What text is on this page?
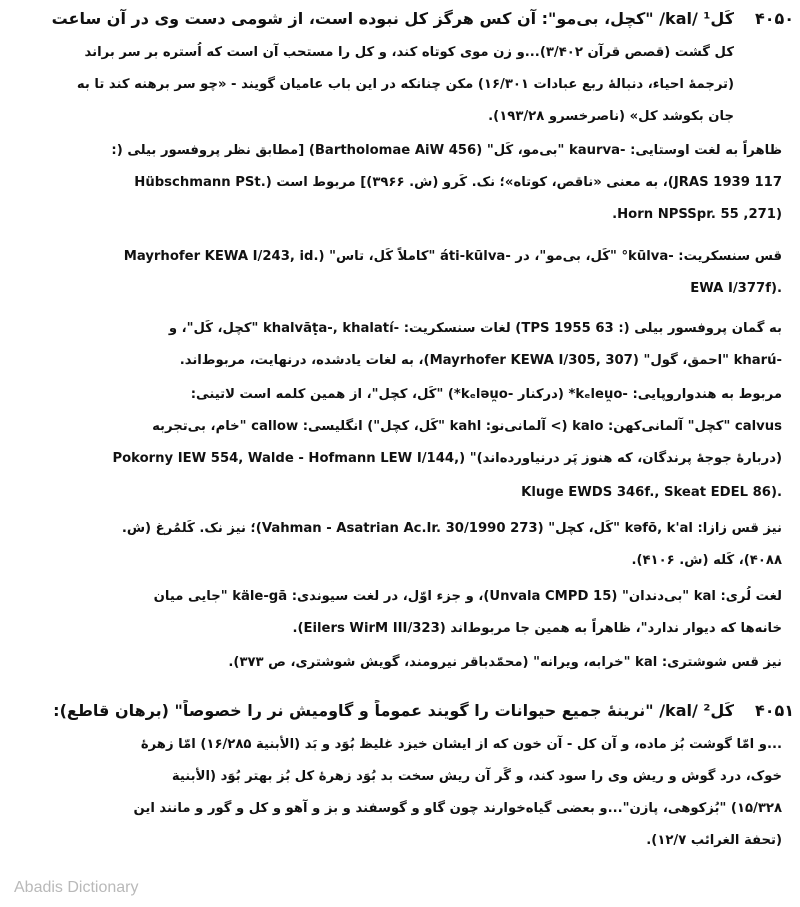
۴۰۵۰
کَل¹ /kal/ "کچل، بی‌مو": آن کس هرگز کل نبوده است، از شومی دست وی در آن ساعت
کل گشت (قصص قرآن ۳/۴۰۲)...و زن موی کوتاه کند، و کل را مستحب آن است که اُستره بر سر براند
(ترجمهٔ احیاء، دنبالهٔ ربع عبادات ۱۶/۳۰۱) مکن چنانکه در این باب عامیان گویند - «چو سر برهنه کند تا به
جان بکوشد کل» (ناصرخسرو ۱۹۳/۲۸).
ظاهراً به لغت اوستایی: -kaurva "بی‌مو، کَل" (Bartholomae AiW 456) [مطابق نظر پروفسور بیلی (:
JRAS 1939 117)، به معنی «ناقص، کوتاه»؛ نک. کَرو (ش. ۳۹۶۶)] مربوط است (.Hübschmann PSt
(271, Horn NPSSpr. 55.
قس سنسکریت: -kūlva° "کَل، بی‌مو"، در -áti-kūlva "کاملاً کَل، تاس" (.Mayrhofer KEWA I/243, id
.(EWA I/377f
به گمان پروفسور بیلی (: TPS 1955 63) لغات سنسکریت: -khalvāṭa-, khalatí "کچل، کَل"، و
-kharú "احمق، گول" (Mayrhofer KEWA I/305, 307)، به لغات یادشده، درنهایت، مربوط‌اند.
مربوط به هندواروپایی: -kₑleu̯o* (درکنار -kₑlǝu̯o*) "کَل، کچل"، از همین کلمه است لاتینی:
calvus "کچل" آلمانی‌کهن: kalo (> آلمانی‌نو: kahl "کَل، کچل") انگلیسی: callow "خام، بی‌تجربه
(دربارهٔ جوجهٔ پرندگان، که هنوز پَر درنیاورده‌اند)" (,Pokorny IEW 554, Walde - Hofmann LEW I/144
.(Kluge EWDS 346f., Skeat EDEL 86
نیز قس زازا: kəfō, k'al "کَل، کچل" (Vahman - Asatrian Ac.Ir. 30/1990 273)؛ نیز نک. کَلمُرغ (ش.
۴۰۸۸)، کَله (ش. ۴۱۰۶).
لغت لُری: kal "بی‌دندان" (Unvala CMPD 15)، و جزء اوّل، در لغت سیوندی: käle-gā "جایی میان
خانه‌ها که دیوار ندارد"، ظاهراً به همین جا مربوط‌اند (Eilers WirM III/323).
نیز قس شوشتری: kal "خرابه، ویرانه" (محمّدباقر نیرومند، گویش شوشتری، ص ۳۷۳).
۴۰۵۱
کَل² /kal/ "نرینهٔ جمیع حیوانات را گویند عموماً و گاومیش نر را خصوصاً" (برهان قاطع):
...و امّا گوشت بُز ماده، و آن کل - آن خون که از ایشان خیزد غلیظ بُوَد و بَد (الأبنیة ۱۶/۲۸۵) امّا زهرهٔ
خوک، درد گوش و ریش وی را سود کند، و گَر آن ریش سخت بد بُوَد زهرهٔ کل بُز بهتر بُوَد (الأبنیة
۱۵/۳۲۸) "بُزکوهی، پازن"...و بعضی گیاه‌خوارند چون گاو و گوسفند و بز و آهو و کل و گور و مانند این
(تحفة الغرائب ۱۲/۷).
Abadis Dictionary
